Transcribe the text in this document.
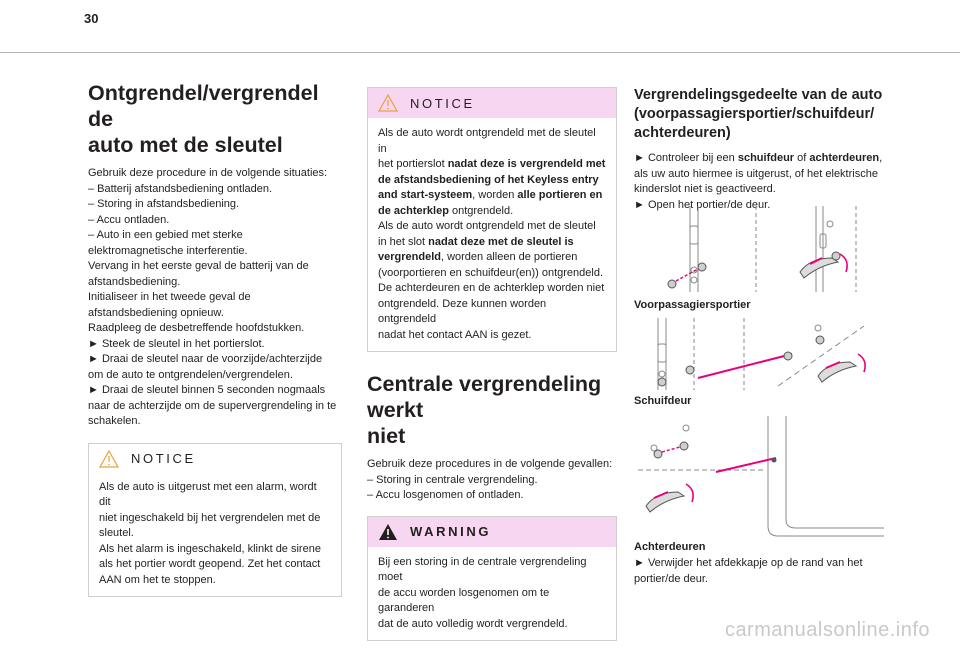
30
Ontgrendel/vergrendel de
auto met de sleutel
Gebruik deze procedure in de volgende situaties:
– Batterij afstandsbediening ontladen.
– Storing in afstandsbediening.
– Accu ontladen.
– Auto in een gebied met sterke
elektromagnetische interferentie.
Vervang in het eerste geval de batterij van de
afstandsbediening.
Initialiseer in het tweede geval de
afstandsbediening opnieuw.
Raadpleeg de desbetreffende hoofdstukken.
► Steek de sleutel in het portierslot.
► Draai de sleutel naar de voorzijde/achterzijde
om de auto te ontgrendelen/vergrendelen.
► Draai de sleutel binnen 5 seconden nogmaals
naar de achterzijde om de supervergrendeling in te
schakelen.
NOTICE
Als de auto is uitgerust met een alarm, wordt dit
niet ingeschakeld bij het vergrendelen met de
sleutel.
Als het alarm is ingeschakeld, klinkt de sirene
als het portier wordt geopend. Zet het contact
AAN om het te stoppen.
NOTICE
Als de auto wordt ontgrendeld met de sleutel in
het portierslot nadat deze is vergrendeld met
de afstandsbediening of het Keyless entry
and start-systeem, worden alle portieren en
de achterklep ontgrendeld.
Als de auto wordt ontgrendeld met de sleutel
in het slot nadat deze met de sleutel is
vergrendeld, worden alleen de portieren
(voorportieren en schuifdeur(en)) ontgrendeld.
De achterdeuren en de achterklep worden niet
ontgrendeld. Deze kunnen worden ontgrendeld
nadat het contact AAN is gezet.
Centrale vergrendeling werkt
niet
Gebruik deze procedures in de volgende gevallen:
– Storing in centrale vergrendeling.
– Accu losgenomen of ontladen.
WARNING
Bij een storing in de centrale vergrendeling moet
de accu worden losgenomen om te garanderen
dat de auto volledig wordt vergrendeld.
Vergrendelingsgedeelte van de auto
(voorpassagiersportier/schuifdeur/
achterdeuren)
► Controleer bij een schuifdeur of achterdeuren,
als uw auto hiermee is uitgerust, of het elektrische
kinderslot niet is geactiveerd.
► Open het portier/de deur.
Voorpassagiersportier
Schuifdeur
Achterdeuren
► Verwijder het afdekkapje op de rand van het
portier/de deur.
carmanualsonline.info
